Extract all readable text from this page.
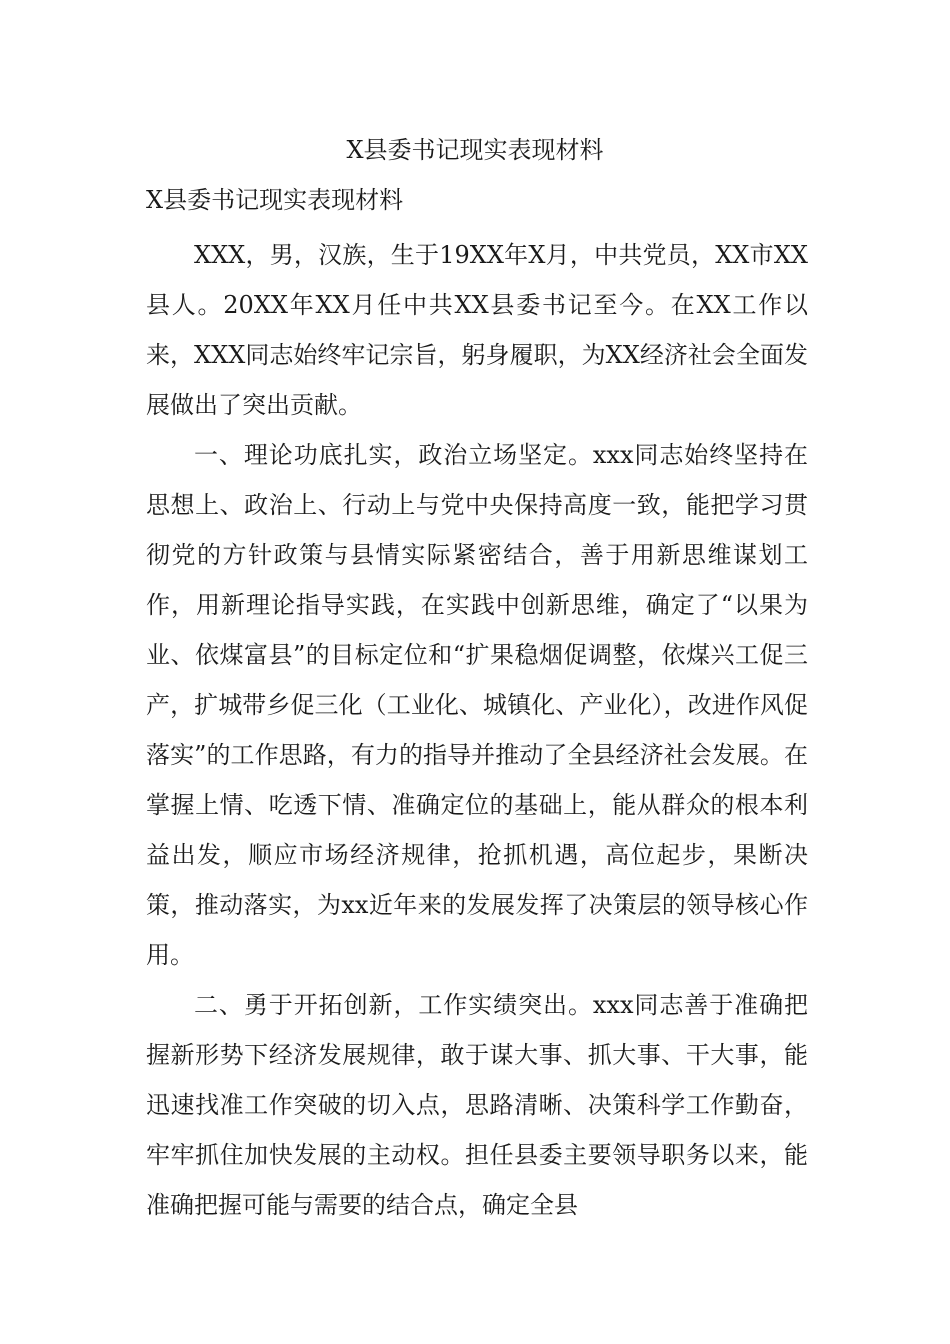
X县委书记现实表现材料
X县委书记现实表现材料

XXX，男，汉族，生于19XX年X月，中共党员，XX市XX县人。20XX年XX月任中共XX县委书记至今。在XX工作以来，XXX同志始终牢记宗旨，躬身履职，为XX经济社会全面发展做出了突出贡献。

一、理论功底扎实，政治立场坚定。xxx同志始终坚持在思想上、政治上、行动上与党中央保持高度一致，能把学习贯彻党的方针政策与县情实际紧密结合，善于用新思维谋划工作，用新理论指导实践，在实践中创新思维，确定了“以果为业、依煤富县”的目标定位和“扩果稳烟促调整，依煤兴工促三产，扩城带乡促三化（工业化、城镇化、产业化），改进作风促落实”的工作思路，有力的指导并推动了全县经济社会发展。在掌握上情、吃透下情、准确定位的基础上，能从群众的根本利益出发，顺应市场经济规律，抢抓机遇，高位起步，果断决策，推动落实，为xx近年来的发展发挥了决策层的领导核心作用。

二、勇于开拓创新，工作实绩突出。xxx同志善于准确把握新形势下经济发展规律，敢于谋大事、抓大事、干大事，能迅速找准工作突破的切入点，思路清晰、决策科学工作勤奋，牢牢抓住加快发展的主动权。担任县委主要领导职务以来，能准确把握可能与需要的结合点，确定全县
